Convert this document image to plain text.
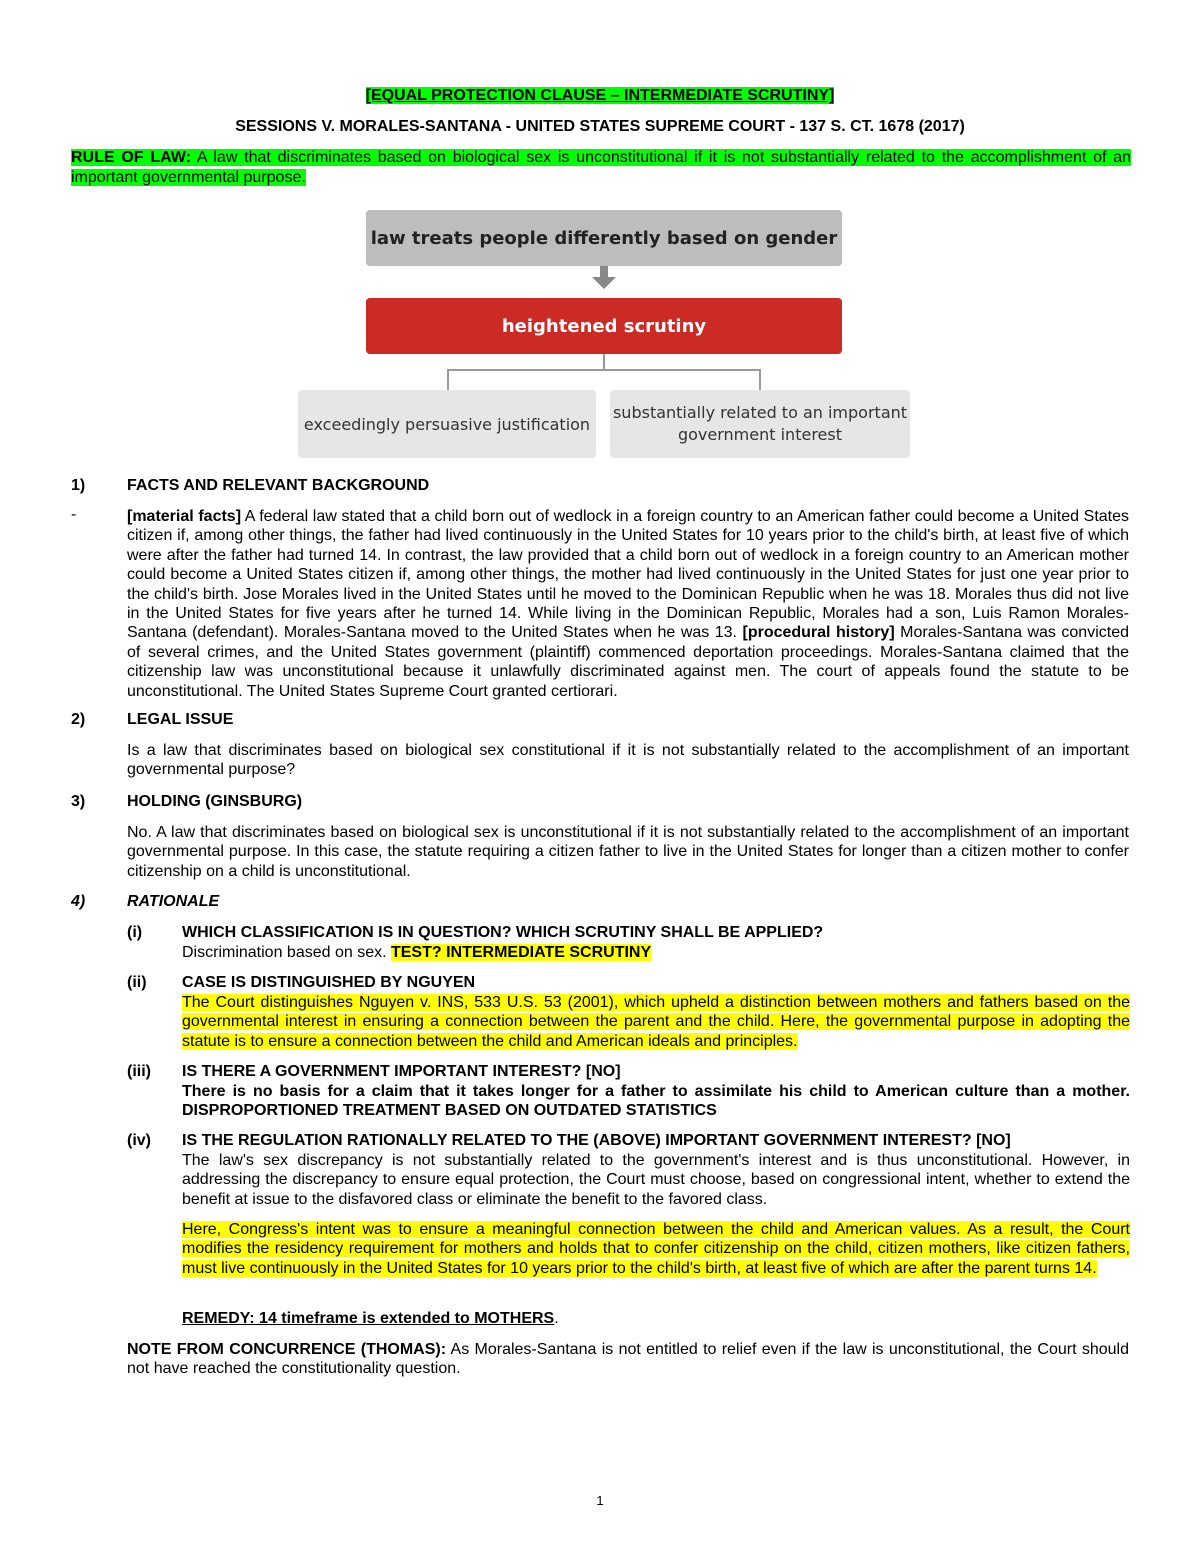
[EQUAL PROTECTION CLAUSE – INTERMEDIATE SCRUTINY]
SESSIONS V. MORALES-SANTANA - UNITED STATES SUPREME COURT - 137 S. CT. 1678 (2017)
RULE OF LAW: A law that discriminates based on biological sex is unconstitutional if it is not substantially related to the accomplishment of an important governmental purpose.
law treats people differently based on gender
heightened scrutiny
exceedingly persuasive justification
substantially related to an important government interest
1)	FACTS AND RELEVANT BACKGROUND
-	[material facts] A federal law stated that a child born out of wedlock in a foreign country to an American father could become a United States citizen if, among other things, the father had lived continuously in the United States for 10 years prior to the child's birth, at least five of which were after the father had turned 14. In contrast, the law provided that a child born out of wedlock in a foreign country to an American mother could become a United States citizen if, among other things, the mother had lived continuously in the United States for just one year prior to the child's birth. Jose Morales lived in the United States until he moved to the Dominican Republic when he was 18. Morales thus did not live in the United States for five years after he turned 14. While living in the Dominican Republic, Morales had a son, Luis Ramon Morales-Santana (defendant). Morales-Santana moved to the United States when he was 13. [procedural history] Morales-Santana was convicted of several crimes, and the United States government (plaintiff) commenced deportation proceedings. Morales-Santana claimed that the citizenship law was unconstitutional because it unlawfully discriminated against men. The court of appeals found the statute to be unconstitutional. The United States Supreme Court granted certiorari.
2)	LEGAL ISSUE
Is a law that discriminates based on biological sex constitutional if it is not substantially related to the accomplishment of an important governmental purpose?
3)	HOLDING (GINSBURG)
No. A law that discriminates based on biological sex is unconstitutional if it is not substantially related to the accomplishment of an important governmental purpose. In this case, the statute requiring a citizen father to live in the United States for longer than a citizen mother to confer citizenship on a child is unconstitutional.
4)	RATIONALE
(i) WHICH CLASSIFICATION IS IN QUESTION? WHICH SCRUTINY SHALL BE APPLIED?
Discrimination based on sex. TEST? INTERMEDIATE SCRUTINY
(ii) CASE IS DISTINGUISHED BY NGUYEN
The Court distinguishes Nguyen v. INS, 533 U.S. 53 (2001), which upheld a distinction between mothers and fathers based on the governmental interest in ensuring a connection between the parent and the child. Here, the governmental purpose in adopting the statute is to ensure a connection between the child and American ideals and principles.
(iii) IS THERE A GOVERNMENT IMPORTANT INTEREST? [NO]
There is no basis for a claim that it takes longer for a father to assimilate his child to American culture than a mother. DISPROPORTIONED TREATMENT BASED ON OUTDATED STATISTICS
(iv) IS THE REGULATION RATIONALLY RELATED TO THE (ABOVE) IMPORTANT GOVERNMENT INTEREST? [NO]
The law's sex discrepancy is not substantially related to the government's interest and is thus unconstitutional. However, in addressing the discrepancy to ensure equal protection, the Court must choose, based on congressional intent, whether to extend the benefit at issue to the disfavored class or eliminate the benefit to the favored class.
Here, Congress's intent was to ensure a meaningful connection between the child and American values. As a result, the Court modifies the residency requirement for mothers and holds that to confer citizenship on the child, citizen mothers, like citizen fathers, must live continuously in the United States for 10 years prior to the child's birth, at least five of which are after the parent turns 14.
REMEDY: 14 timeframe is extended to MOTHERS.
NOTE FROM CONCURRENCE (THOMAS): As Morales-Santana is not entitled to relief even if the law is unconstitutional, the Court should not have reached the constitutionality question.
1
